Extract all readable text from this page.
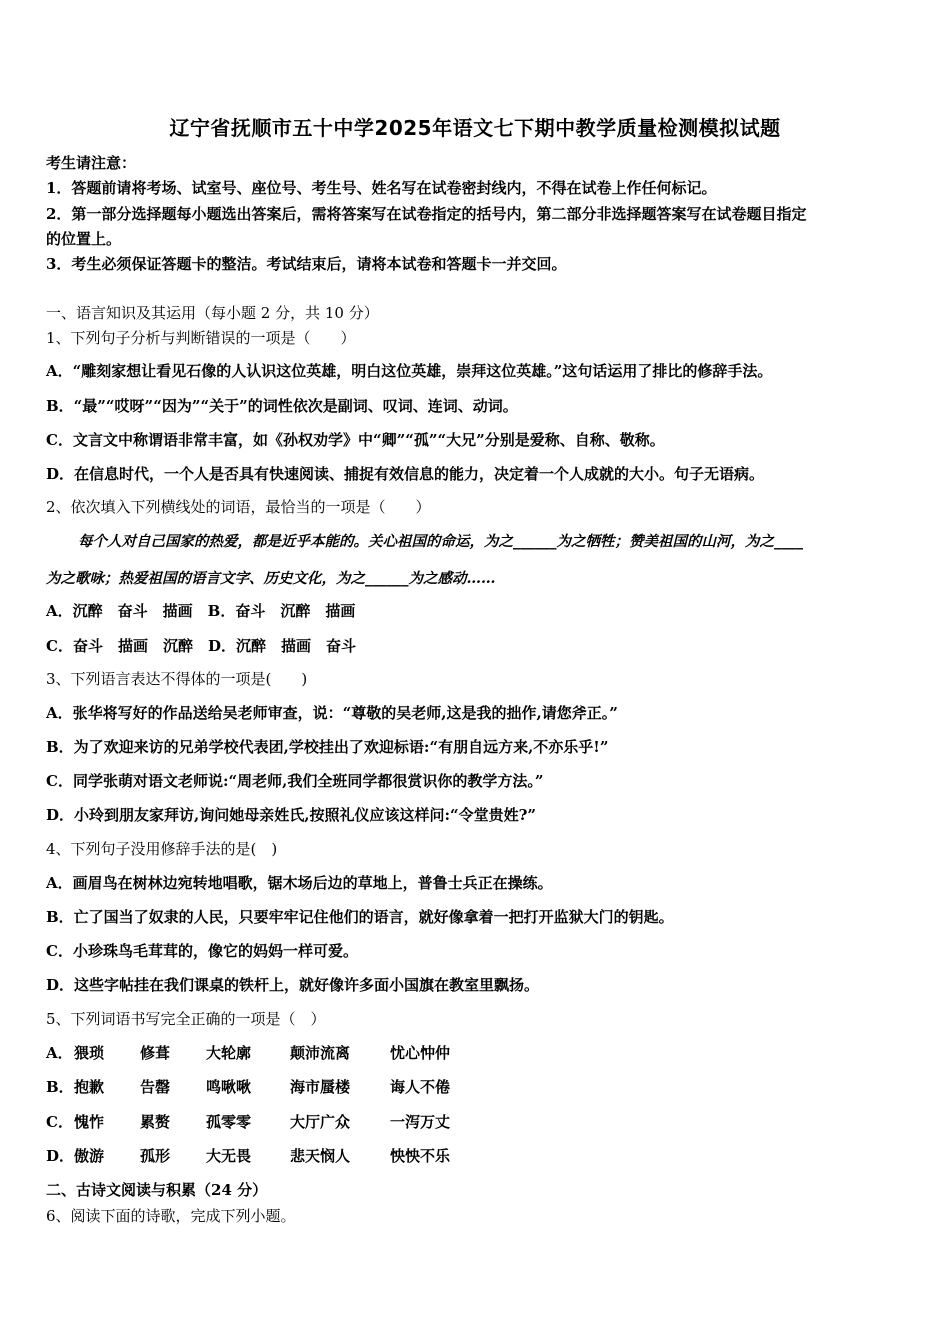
辽宁省抚顺市五十中学2025年语文七下期中教学质量检测模拟试题
考生请注意：
1．答题前请将考场、试室号、座位号、考生号、姓名写在试卷密封线内，不得在试卷上作任何标记。
2．第一部分选择题每小题选出答案后，需将答案写在试卷指定的括号内，第二部分非选择题答案写在试卷题目指定
的位置上。
3．考生必须保证答题卡的整洁。考试结束后，请将本试卷和答题卡一并交回。
一、语言知识及其运用（每小题 2 分，共 10 分）
1、下列句子分析与判断错误的一项是（　　）
A．“雕刻家想让看见石像的人认识这位英雄，明白这位英雄，崇拜这位英雄。”这句话运用了排比的修辞手法。
B．“最”“哎呀”“因为”“关于”的词性依次是副词、叹词、连词、动词。
C．文言文中称谓语非常丰富，如《孙权劝学》中“卿”“孤”“大兄”分别是爱称、自称、敬称。
D．在信息时代，一个人是否具有快速阅读、捕捉有效信息的能力，决定着一个人成就的大小。句子无语病。
2、依次填入下列横线处的词语，最恰当的一项是（　　）
每个人对自己国家的热爱，都是近乎本能的。关心祖国的命运，为之______为之牺牲；赞美祖国的山河，为之____
为之歌咏；热爱祖国的语言文字、历史文化，为之______为之感动……
A．沉醉　奋斗　描画　B．奋斗　沉醉　描画
C．奋斗　描画　沉醉　D．沉醉　描画　奋斗
3、下列语言表达不得体的一项是(　　)
A．张华将写好的作品送给吴老师审查，说：“尊敬的吴老师,这是我的拙作,请您斧正。”
B．为了欢迎来访的兄弟学校代表团,学校挂出了欢迎标语:“有朋自远方来,不亦乐乎!”
C．同学张萌对语文老师说:“周老师,我们全班同学都很赏识你的教学方法。”
D．小玲到朋友家拜访,询问她母亲姓氏,按照礼仪应该这样问:“令堂贵姓?”
4、下列句子没用修辞手法的是(　)
A．画眉鸟在树林边宛转地唱歌，锯木场后边的草地上，普鲁士兵正在操练。
B．亡了国当了奴隶的人民，只要牢牢记住他们的语言，就好像拿着一把打开监狱大门的钥匙。
C．小珍珠鸟毛茸茸的，像它的妈妈一样可爱。
D．这些字帖挂在我们课桌的铁杆上，就好像许多面小国旗在教室里飘扬。
5、下列词语书写完全正确的一项是（　）
A．猥琐 修葺 大轮廓	颠沛流离	忧心忡仲
B．抱歉 告罄 鸣啾啾	海市蜃楼	诲人不倦
C．愧怍 累赘 孤零零	大厅广众	一泻万丈
D．傲游 孤形 大无畏	悲天悯人	怏怏不乐
二、古诗文阅读与积累（24 分）
6、阅读下面的诗歌，完成下列小题。
